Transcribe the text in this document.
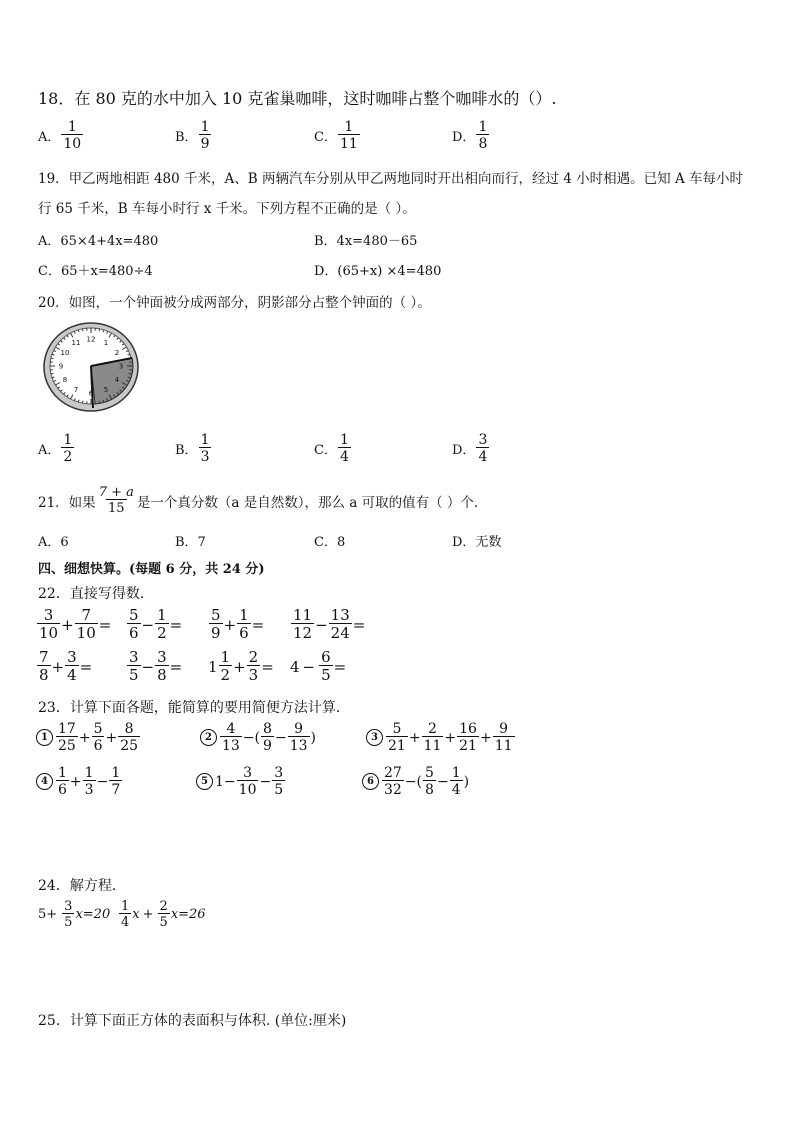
18．在 80 克的水中加入 10 克雀巢咖啡，这时咖啡占整个咖啡水的（）.
A． $\frac{1}{10}$	B． $\frac{1}{9}$	C． $\frac{1}{11}$	D． $\frac{1}{8}$
19．甲乙两地相距 480 千米，A、B 两辆汽车分别从甲乙两地同时开出相向而行，经过 4 小时相遇。已知 A 车每小时
行 65 千米，B 车每小时行 x 千米。下列方程不正确的是（ ）。
A．65×4+4x=480	B．4x=480－65
C．65＋x=480÷4	D．(65+x) ×4=480
20．如图，一个钟面被分成两部分，阴影部分占整个钟面的（ ）。
12 1
2
3
4
5
6
7
8
9
10
11
A． $\frac{1}{2}$	B． $\frac{1}{3}$	C． $\frac{1}{4}$	D． $\frac{3}{4}$
21．如果 $\frac{7 + a}{15}$ 是一个真分数（a 是自然数），那么 a 可取的值有（ ）个.
A．6	B．7	C．8	D．无数
四、细想快算。(每题 6 分，共 24 分)
22．直接写得数.
$\frac{3}{10} + \frac{7}{10} = \frac{5}{6} - \frac{1}{2} = \frac{5}{9} + \frac{1}{6} = \frac{11}{12} - \frac{13}{24}$ =
$\frac{7}{8} + \frac{3}{4} = \frac{3}{5} - \frac{3}{8} = 1 \frac{1}{2} + \frac{2}{3} = 4 - \frac{6}{5}$ =
23．计算下面各题，能简算的要用简便方法计算.
$1 \frac{17}{25} + \frac{5}{6} + \frac{8}{25}$	$2 \frac{4}{13}$ −( $\frac{8}{9} - \frac{9}{13}$ )	$3 \frac{5}{21} + \frac{2}{11} + \frac{16}{21} + \frac{9}{11}$
$4 \frac{1}{6} + \frac{1}{3} - \frac{1}{7}$	5 $1 - \frac{3}{10} - \frac{3}{5}$	$6 \frac{27}{32}$ −( $\frac{5}{8} - \frac{1}{4}$ )
24．解方程.
$5+ \frac{3}{5} x=20 \frac{1}{4}$ $x + \frac{2}{5} x=26$
25．计算下面正方体的表面积与体积. (单位:厘米)
